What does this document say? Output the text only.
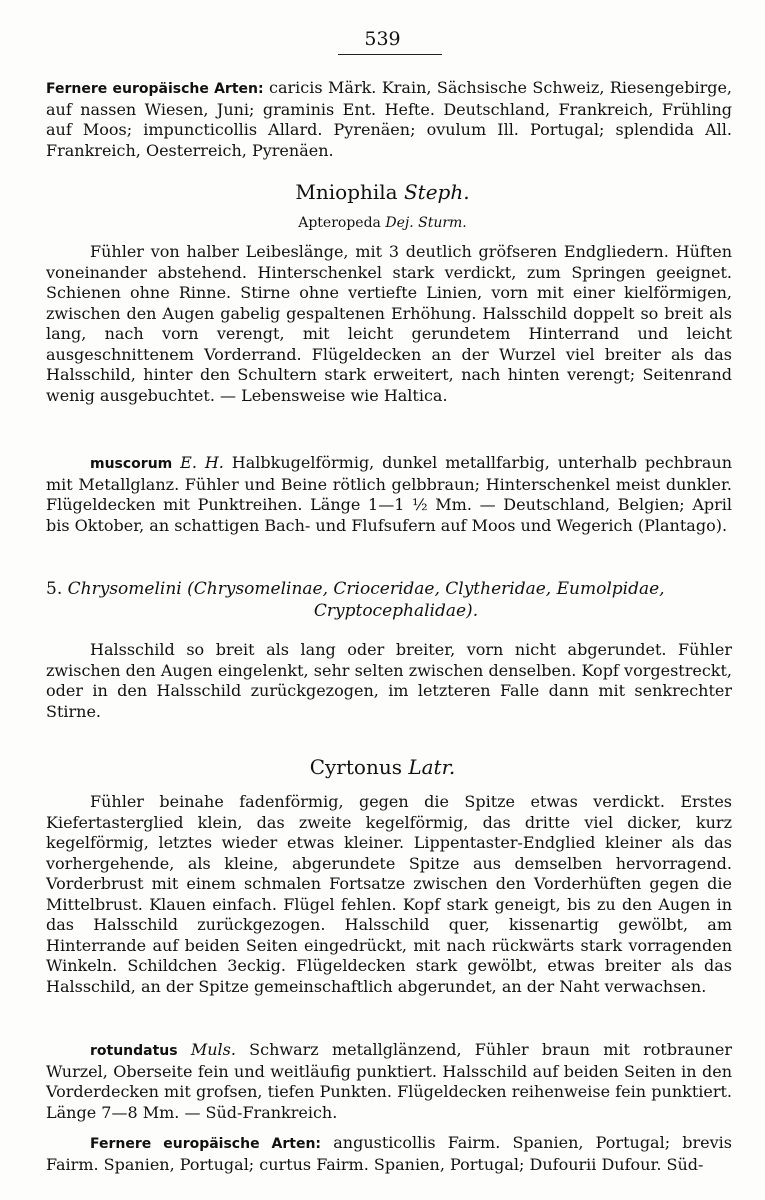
539

Fernere europäische Arten: caricis Märk. Krain, Sächsische Schweiz, Riesengebirge, auf nassen Wiesen, Juni; graminis Ent. Hefte. Deutschland, Frankreich, Frühling auf Moos; impuncticollis Allard. Pyrenäen; ovulum Ill. Portugal; splendida All. Frankreich, Oesterreich, Pyrenäen.

Mniophila Steph.
Apteropeda Dej. Sturm.

Fühler von halber Leibeslänge, mit 3 deutlich gröfseren Endgliedern. Hüften voneinander abstehend. Hinterschenkel stark verdickt, zum Springen geeignet. Schienen ohne Rinne. Stirne ohne vertiefte Linien, vorn mit einer kielförmigen, zwischen den Augen gabelig gespaltenen Erhöhung. Halsschild doppelt so breit als lang, nach vorn verengt, mit leicht gerundetem Hinterrand und leicht ausgeschnittenem Vorderrand. Flügeldecken an der Wurzel viel breiter als das Halsschild, hinter den Schultern stark erweitert, nach hinten verengt; Seitenrand wenig ausgebuchtet. — Lebensweise wie Haltica.

muscorum E. H. Halbkugelförmig, dunkel metallfarbig, unterhalb pechbraun mit Metallglanz. Fühler und Beine rötlich gelbbraun; Hinterschenkel meist dunkler. Flügeldecken mit Punktreihen. Länge 1—1 ½ Mm. — Deutschland, Belgien; April bis Oktober, an schattigen Bach- und Flufsufern auf Moos und Wegerich (Plantago).

5. Chrysomelini (Chrysomelinae, Crioceridae, Clytheridae, Eumolpidae,
Cryptocephalidae).

Halsschild so breit als lang oder breiter, vorn nicht abgerundet. Fühler zwischen den Augen eingelenkt, sehr selten zwischen denselben. Kopf vorgestreckt, oder in den Halsschild zurückgezogen, im letzteren Falle dann mit senkrechter Stirne.

Cyrtonus Latr.

Fühler beinahe fadenförmig, gegen die Spitze etwas verdickt. Erstes Kiefertasterglied klein, das zweite kegelförmig, das dritte viel dicker, kurz kegelförmig, letztes wieder etwas kleiner. Lippentaster-Endglied kleiner als das vorhergehende, als kleine, abgerundete Spitze aus demselben hervorragend. Vorderbrust mit einem schmalen Fortsatze zwischen den Vorderhüften gegen die Mittelbrust. Klauen einfach. Flügel fehlen. Kopf stark geneigt, bis zu den Augen in das Halsschild zurückgezogen. Halsschild quer, kissenartig gewölbt, am Hinterrande auf beiden Seiten eingedrückt, mit nach rückwärts stark vorragenden Winkeln. Schildchen 3eckig. Flügeldecken stark gewölbt, etwas breiter als das Halsschild, an der Spitze gemeinschaftlich abgerundet, an der Naht verwachsen.

rotundatus Muls. Schwarz metallglänzend, Fühler braun mit rotbrauner Wurzel, Oberseite fein und weitläufig punktiert. Halsschild auf beiden Seiten in den Vorderdecken mit grofsen, tiefen Punkten. Flügeldecken reihenweise fein punktiert. Länge 7—8 Mm. — Süd-Frankreich.

Fernere europäische Arten: angusticollis Fairm. Spanien, Portugal; brevis Fairm. Spanien, Portugal; curtus Fairm. Spanien, Portugal; Dufourii Dufour. Süd-
